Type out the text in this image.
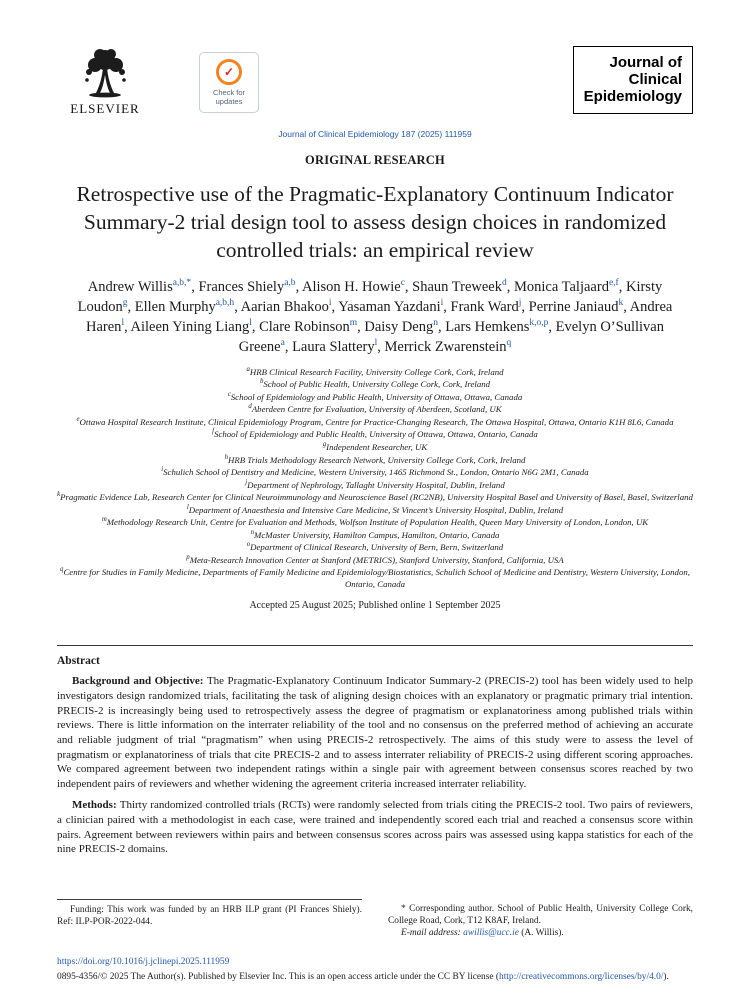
ELSEVIER
✓
Check for
updates
Journal of
Clinical
Epidemiology
Journal of Clinical Epidemiology 187 (2025) 111959
ORIGINAL RESEARCH
Retrospective use of the Pragmatic-Explanatory Continuum Indicator Summary-2 trial design tool to assess design choices in randomized controlled trials: an empirical review
Andrew Willis$^{a,b,*}$, Frances Shiely$^{a,b}$, Alison H. Howie$^c$, Shaun Treweek$^d$, Monica Taljaard$^{e,f}$, Kirsty Loudon$^g$, Ellen Murphy$^{a,b,h}$, Aarian Bhakoo$^i$, Yasaman Yazdani$^i$, Frank Ward$^j$, Perrine Janiaud$^k$, Andrea Haren$^l$, Aileen Yining Liang$^l$, Clare Robinson$^m$, Daisy Deng$^n$, Lars Hemkens$^{k,o,p}$, Evelyn O’Sullivan Greene$^a$, Laura Slattery$^l$, Merrick Zwarenstein$^q$
$^a$HRB Clinical Research Facility, University College Cork, Cork, Ireland
$^b$School of Public Health, University College Cork, Cork, Ireland
$^c$School of Epidemiology and Public Health, University of Ottawa, Ottawa, Canada
$^d$Aberdeen Centre for Evaluation, University of Aberdeen, Scotland, UK
$^e$Ottawa Hospital Research Institute, Clinical Epidemiology Program, Centre for Practice-Changing Research, The Ottawa Hospital, Ottawa, Ontario K1H 8L6, Canada
$^f$School of Epidemiology and Public Health, University of Ottawa, Ottawa, Ontario, Canada
$^g$Independent Researcher, UK
$^h$HRB Trials Methodology Research Network, University College Cork, Cork, Ireland
$^i$Schulich School of Dentistry and Medicine, Western University, 1465 Richmond St., London, Ontario N6G 2M1, Canada
$^j$Department of Nephrology, Tallaght University Hospital, Dublin, Ireland
$^k$Pragmatic Evidence Lab, Research Center for Clinical Neuroimmunology and Neuroscience Basel (RC2NB), University Hospital Basel and University of Basel, Basel, Switzerland
$^l$Department of Anaesthesia and Intensive Care Medicine, St Vincent’s University Hospital, Dublin, Ireland
$^m$Methodology Research Unit, Centre for Evaluation and Methods, Wolfson Institute of Population Health, Queen Mary University of London, London, UK
$^n$McMaster University, Hamilton Campus, Hamilton, Ontario, Canada
$^o$Department of Clinical Research, University of Bern, Bern, Switzerland
$^p$Meta-Research Innovation Center at Stanford (METRICS), Stanford University, Stanford, California, USA
$^q$Centre for Studies in Family Medicine, Departments of Family Medicine and Epidemiology/Biostatistics, Schulich School of Medicine and Dentistry, Western University, London, Ontario, Canada
Accepted 25 August 2025; Published online 1 September 2025
Abstract

Background and Objective: The Pragmatic-Explanatory Continuum Indicator Summary-2 (PRECIS-2) tool has been widely used to help investigators design randomized trials, facilitating the task of aligning design choices with an explanatory or pragmatic primary trial intention. PRECIS-2 is increasingly being used to retrospectively assess the degree of pragmatism or explanatoriness among published trials within reviews. There is little information on the interrater reliability of the tool and no consensus on the preferred method of achieving an accurate and reliable judgment of trial “pragmatism” when using PRECIS-2 retrospectively. The aims of this study were to assess the level of pragmatism or explanatoriness of trials that cite PRECIS-2 and to assess interrater reliability of PRECIS-2 using different scoring approaches. We compared agreement between two independent ratings within a single pair with agreement between consensus scores reached by two independent pairs of reviewers and whether widening the agreement criteria increased interrater reliability.

Methods: Thirty randomized controlled trials (RCTs) were randomly selected from trials citing the PRECIS-2 tool. Two pairs of reviewers, a clinician paired with a methodologist in each case, were trained and independently scored each trial and reached a consensus score within pairs. Agreement between reviewers within pairs and between consensus scores across pairs was assessed using kappa statistics for each of the nine PRECIS-2 domains.

Funding: This work was funded by an HRB ILP grant (PI Frances Shiely). Ref: ILP-POR-2022-044.

* Corresponding author. School of Public Health, University College Cork, College Road, Cork, T12 K8AF, Ireland.

E-mail address: awillis@ucc.ie (A. Willis).

https://doi.org/10.1016/j.jclinepi.2025.111959

0895-4356/© 2025 The Author(s). Published by Elsevier Inc. This is an open access article under the CC BY license (http://creativecommons.org/licenses/by/4.0/).
